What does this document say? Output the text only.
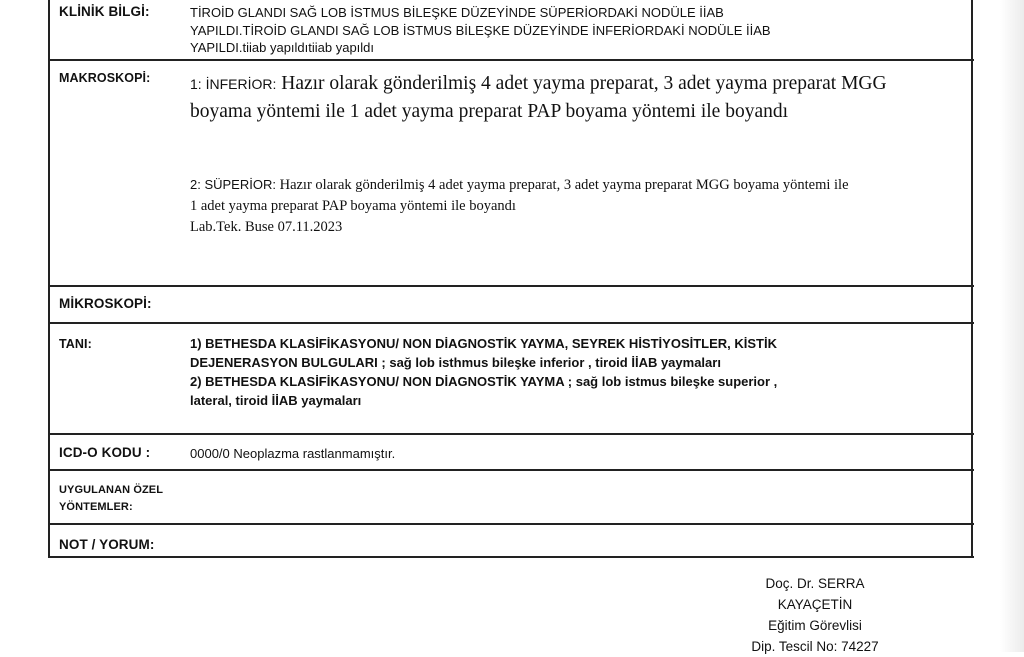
KLİNİK BİLGİ:	TİROİD GLANDI SAĞ LOB İSTMUS BİLEŞKE DÜZEYİNDE SÜPERİORDAKİ NODÜLE İİAB
YAPILDI.TİROİD GLANDI SAĞ LOB İSTMUS BİLEŞKE DÜZEYİNDE İNFERİORDAKİ NODÜLE İİAB
YAPILDI.tiiab yapıldıtiiab yapıldı
MAKROSKOPİ:	1: İNFERİOR: Hazır olarak gönderilmiş 4 adet yayma preparat, 3 adet yayma preparat MGG boyama yöntemi ile 1 adet yayma preparat PAP boyama yöntemi ile boyandı
2: SÜPERİOR: Hazır olarak gönderilmiş 4 adet yayma preparat, 3 adet yayma preparat MGG boyama yöntemi ile 1 adet yayma preparat PAP boyama yöntemi ile boyandı
Lab.Tek. Buse 07.11.2023
MİKROSKOPİ:
TANI:	1) BETHESDA KLASİFİKASYONU/ NON DİAGNOSTİK YAYMA, SEYREK HİSTİYOSİTLER, KİSTİK
DEJENERASYON BULGULARI ; sağ lob isthmus bileşke inferior , tiroid İİAB yaymaları
2) BETHESDA KLASİFİKASYONU/ NON DİAGNOSTİK YAYMA ; sağ lob istmus bileşke superior ,
lateral, tiroid İİAB yaymaları
ICD-O KODU :	0000/0 Neoplazma rastlanmamıştır.
UYGULANAN ÖZEL
YÖNTEMLER:
NOT / YORUM:
Doç. Dr. SERRA
KAYAÇETİN
Eğitim Görevlisi
Dip. Tescil No: 74227
